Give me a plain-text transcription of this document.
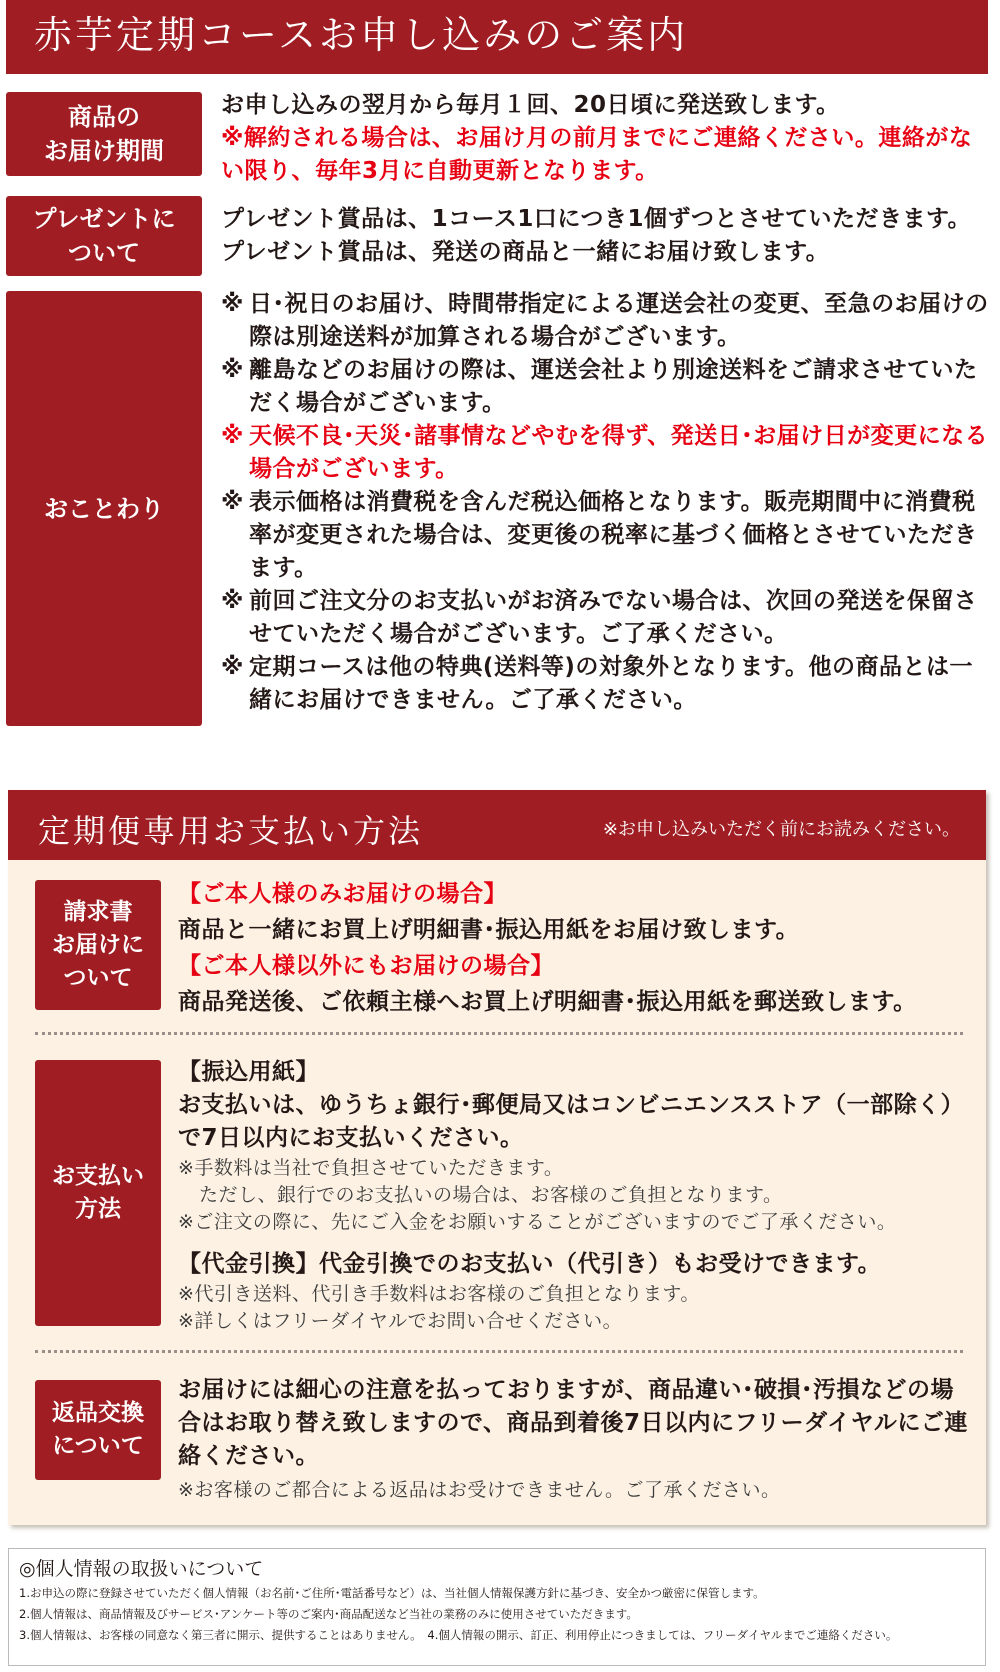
赤芋定期コースお申し込みのご案内
商品の
お届け期間
お申し込みの翌月から毎月１回、20日頃に発送致します。
※解約される場合は、お届け月の前月までにご連絡ください。連絡がない限り、毎年3月に自動更新となります。
プレゼントに
ついて
プレゼント賞品は、1コース1口につき1個ずつとさせていただきます。プレゼント賞品は、発送の商品と一緒にお届け致します。
おことわり
※ 日･祝日のお届け、時間帯指定による運送会社の変更、至急のお届けの際は別途送料が加算される場合がございます。
※ 離島などのお届けの際は、運送会社より別途送料をご請求させていただく場合がございます。
※ 天候不良･天災･諸事情などやむを得ず、発送日･お届け日が変更になる場合がございます。
※ 表示価格は消費税を含んだ税込価格となります。販売期間中に消費税率が変更された場合は、変更後の税率に基づく価格とさせていただきます。
※ 前回ご注文分のお支払いがお済みでない場合は、次回の発送を保留させていただく場合がございます。ご了承ください。
※ 定期コースは他の特典(送料等)の対象外となります。他の商品とは一緒にお届けできません。ご了承ください。
定期便専用お支払い方法	※お申し込みいただく前にお読みください。
請求書
お届けに
ついて
【ご本人様のみお届けの場合】
商品と一緒にお買上げ明細書･振込用紙をお届け致します。
【ご本人様以外にもお届けの場合】
商品発送後、ご依頼主様へお買上げ明細書･振込用紙を郵送致します。
お支払い
方法
【振込用紙】
お支払いは、ゆうちょ銀行･郵便局又はコンビニエンスストア（一部除く）で7日以内にお支払いください。
※手数料は当社で負担させていただきます。
ただし、銀行でのお支払いの場合は、お客様のご負担となります。
※ご注文の際に、先にご入金をお願いすることがございますのでご了承ください。
【代金引換】代金引換でのお支払い（代引き）もお受けできます。
※代引き送料、代引き手数料はお客様のご負担となります。
※詳しくはフリーダイヤルでお問い合せください。
返品交換
について
お届けには細心の注意を払っておりますが、商品違い･破損･汚損などの場合はお取り替え致しますので、商品到着後7日以内にフリーダイヤルにご連絡ください。
※お客様のご都合による返品はお受けできません。ご了承ください。
◎個人情報の取扱いについて
1.お申込の際に登録させていただく個人情報（お名前･ご住所･電話番号など）は、当社個人情報保護方針に基づき、安全かつ厳密に保管します。
2.個人情報は、商品情報及びサービス･アンケート等のご案内･商品配送など当社の業務のみに使用させていただきます。
3.個人情報は、お客様の同意なく第三者に開示、提供することはありません。　4.個人情報の開示、訂正、利用停止につきましては、フリーダイヤルまでご連絡ください。
